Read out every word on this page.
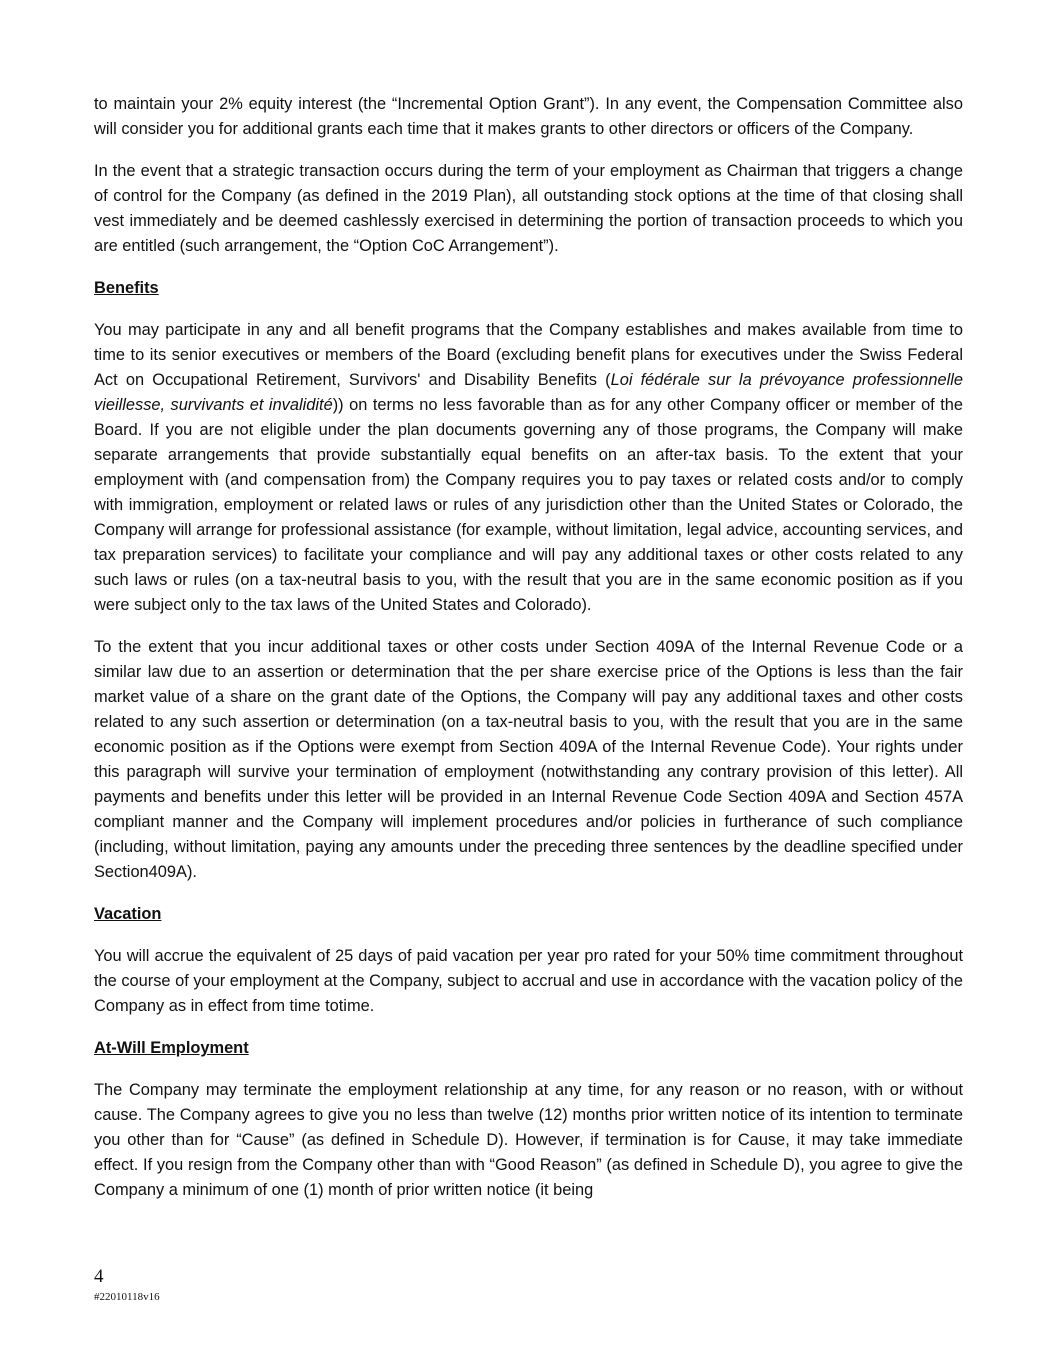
to maintain your 2% equity interest (the “Incremental Option Grant”). In any event, the Compensation Committee also will consider you for additional grants each time that it makes grants to other directors or officers of the Company.

In the event that a strategic transaction occurs during the term of your employment as Chairman that triggers a change of control for the Company (as defined in the 2019 Plan), all outstanding stock options at the time of that closing shall vest immediately and be deemed cashlessly exercised in determining the portion of transaction proceeds to which you are entitled (such arrangement, the “Option CoC Arrangement”).

Benefits

You may participate in any and all benefit programs that the Company establishes and makes available from time to time to its senior executives or members of the Board (excluding benefit plans for executives under the Swiss Federal Act on Occupational Retirement, Survivors' and Disability Benefits (Loi fédérale sur la prévoyance professionnelle vieillesse, survivants et invalidité)) on terms no less favorable than as for any other Company officer or member of the Board. If you are not eligible under the plan documents governing any of those programs, the Company will make separate arrangements that provide substantially equal benefits on an after-tax basis. To the extent that your employment with (and compensation from) the Company requires you to pay taxes or related costs and/or to comply with immigration, employment or related laws or rules of any jurisdiction other than the United States or Colorado, the Company will arrange for professional assistance (for example, without limitation, legal advice, accounting services, and tax preparation services) to facilitate your compliance and will pay any additional taxes or other costs related to any such laws or rules (on a tax-neutral basis to you, with the result that you are in the same economic position as if you were subject only to the tax laws of the United States and Colorado).

To the extent that you incur additional taxes or other costs under Section 409A of the Internal Revenue Code or a similar law due to an assertion or determination that the per share exercise price of the Options is less than the fair market value of a share on the grant date of the Options, the Company will pay any additional taxes and other costs related to any such assertion or determination (on a tax-neutral basis to you, with the result that you are in the same economic position as if the Options were exempt from Section 409A of the Internal Revenue Code). Your rights under this paragraph will survive your termination of employment (notwithstanding any contrary provision of this letter). All payments and benefits under this letter will be provided in an Internal Revenue Code Section 409A and Section 457A compliant manner and the Company will implement procedures and/or policies in furtherance of such compliance (including, without limitation, paying any amounts under the preceding three sentences by the deadline specified under Section409A).

Vacation

You will accrue the equivalent of 25 days of paid vacation per year pro rated for your 50% time commitment throughout the course of your employment at the Company, subject to accrual and use in accordance with the vacation policy of the Company as in effect from time totime.

At-Will Employment

The Company may terminate the employment relationship at any time, for any reason or no reason, with or without cause. The Company agrees to give you no less than twelve (12) months prior written notice of its intention to terminate you other than for “Cause” (as defined in Schedule D). However, if termination is for Cause, it may take immediate effect. If you resign from the Company other than with “Good Reason” (as defined in Schedule D), you agree to give the Company a minimum of one (1) month of prior written notice (it being

4
#22010118v16
